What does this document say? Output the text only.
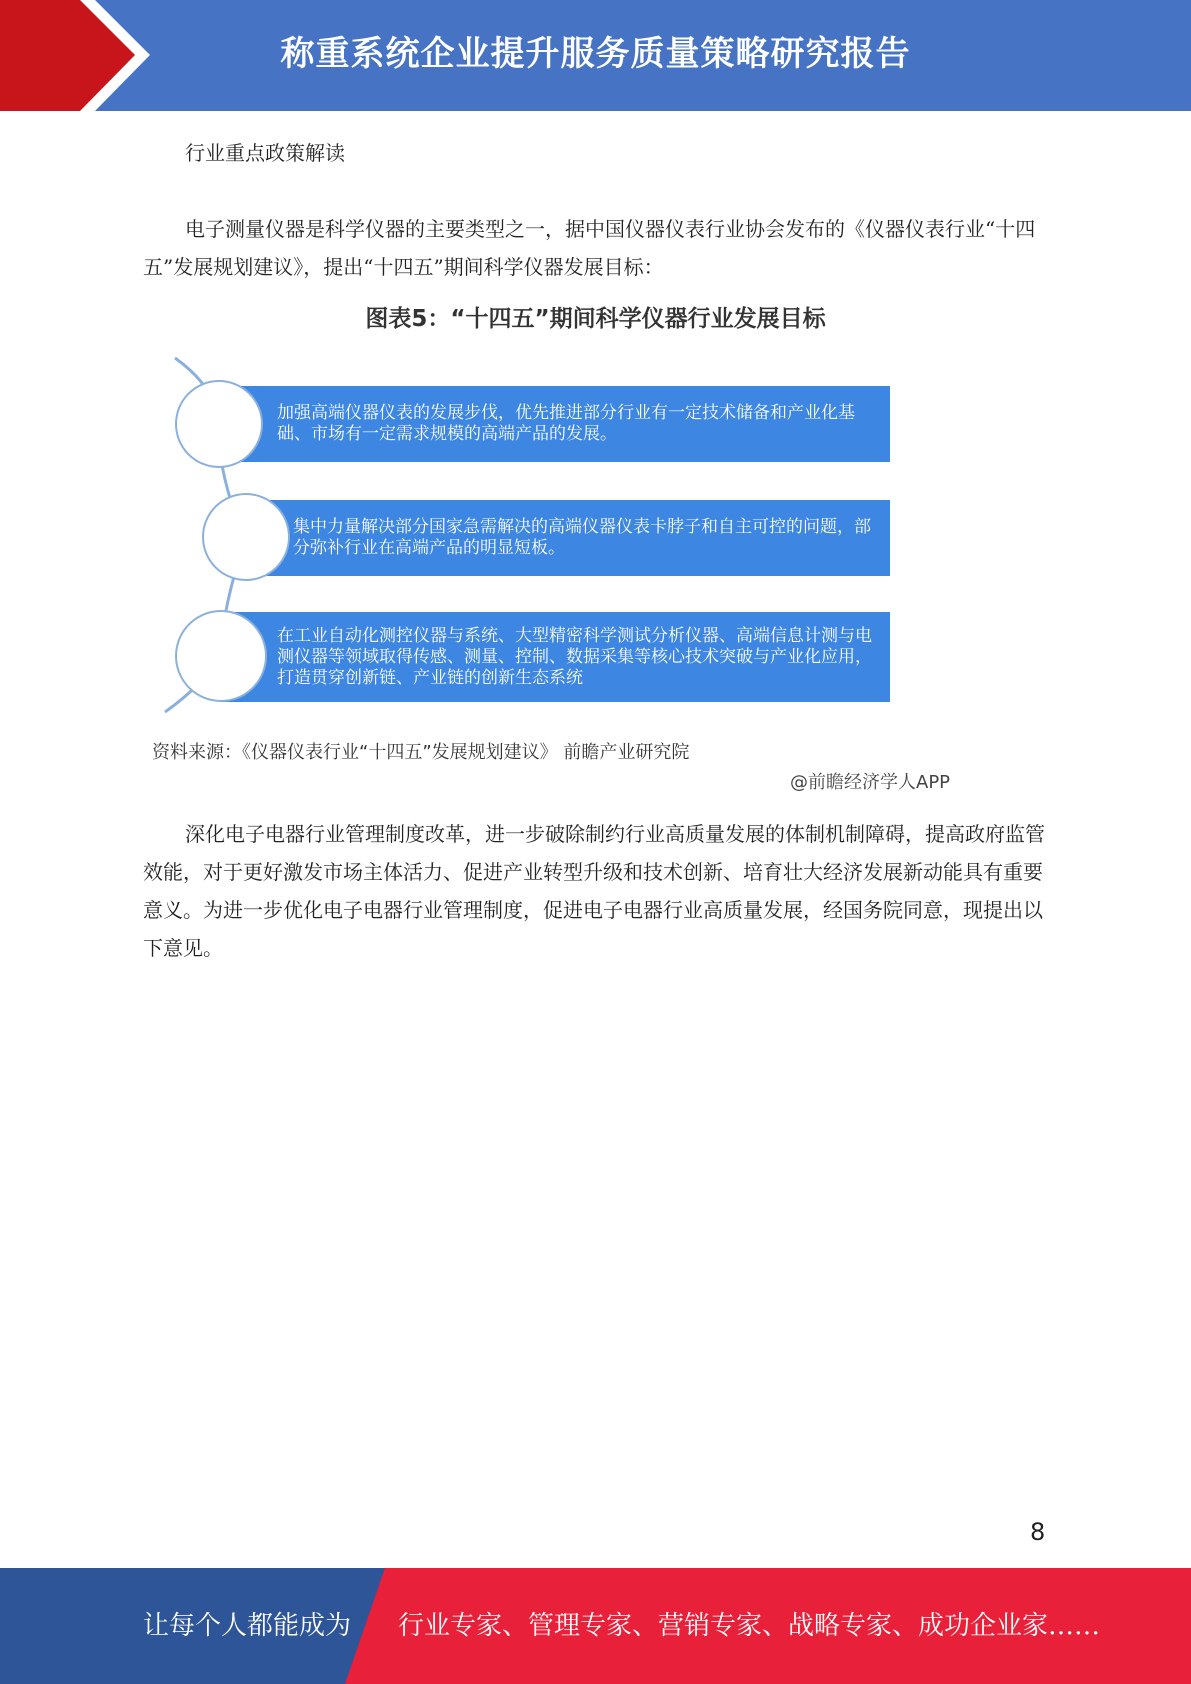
称重系统企业提升服务质量策略研究报告
行业重点政策解读

电子测量仪器是科学仪器的主要类型之一，据中国仪器仪表行业协会发布的《仪器仪表行业“十四五”发展规划建议》，提出“十四五”期间科学仪器发展目标：

图表5：“十四五”期间科学仪器行业发展目标
加强高端仪器仪表的发展步伐，优先推进部分行业有一定技术储备和产业化基础、市场有一定需求规模的高端产品的发展。
集中力量解决部分国家急需解决的高端仪器仪表卡脖子和自主可控的问题，部分弥补行业在高端产品的明显短板。
在工业自动化测控仪器与系统、大型精密科学测试分析仪器、高端信息计测与电测仪器等领域取得传感、测量、控制、数据采集等核心技术突破与产业化应用，打造贯穿创新链、产业链的创新生态系统
资料来源：《仪器仪表行业“十四五”发展规划建议》 前瞻产业研究院
@前瞻经济学人APP

深化电子电器行业管理制度改革，进一步破除制约行业高质量发展的体制机制障碍，提高政府监管效能，对于更好激发市场主体活力、促进产业转型升级和技术创新、培育壮大经济发展新动能具有重要意义。为进一步优化电子电器行业管理制度，促进电子电器行业高质量发展，经国务院同意，现提出以下意见。

8
让每个人都能成为 行业专家、管理专家、营销专家、战略专家、成功企业家……
